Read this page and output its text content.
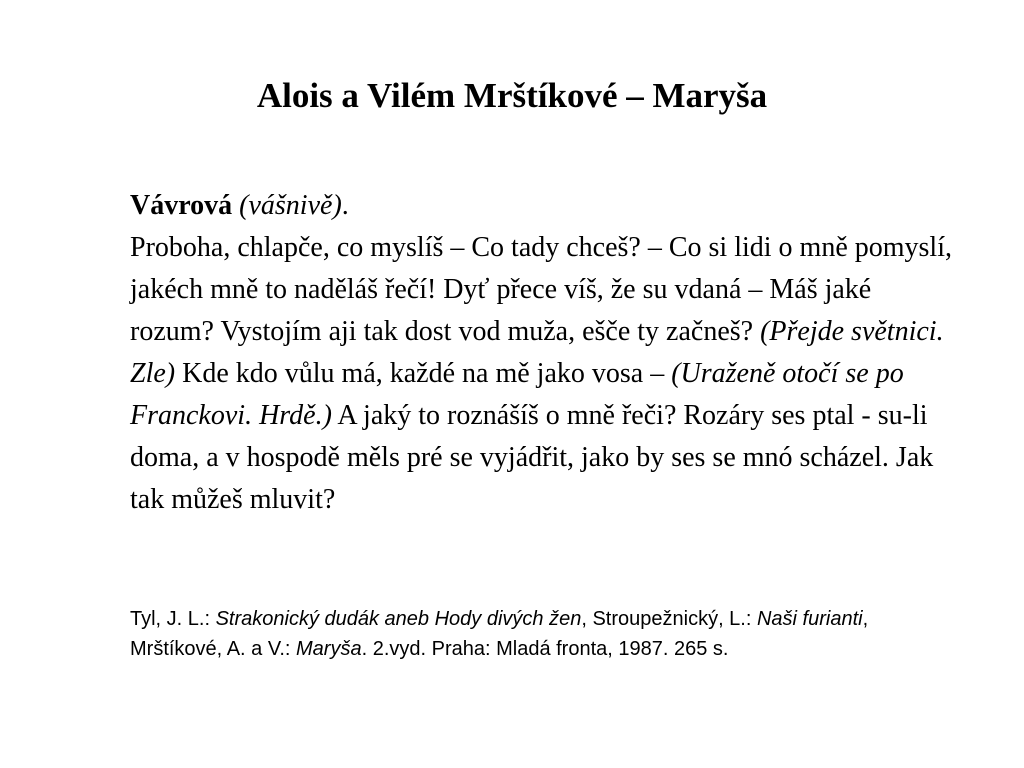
Alois a Vilém Mrštíkové – Maryša
Vávrová (vášnivě).
Proboha, chlapče, co myslíš – Co tady chceš? – Co si lidi o mně pomyslí, jakéch mně to naděláš řečí! Dyť přece víš, že su vdaná – Máš jaké rozum? Vystojím aji tak dost vod muža, ešče ty začneš? (Přejde světnici. Zle) Kde kdo vůlu má, každé na mě jako vosa – (Uraženě otočí se po Franckovi. Hrdě.) A jaký to roznášíš o mně řeči? Rozáry ses ptal - su-li doma, a v hospodě měls pré se vyjádřit, jako by ses se mnó scházel. Jak tak můžeš mluvit?
Tyl, J. L.: Strakonický dudák aneb Hody divých žen, Stroupežnický, L.: Naši furianti, Mrštíkové, A. a V.: Maryša. 2.vyd. Praha: Mladá fronta, 1987. 265 s.
